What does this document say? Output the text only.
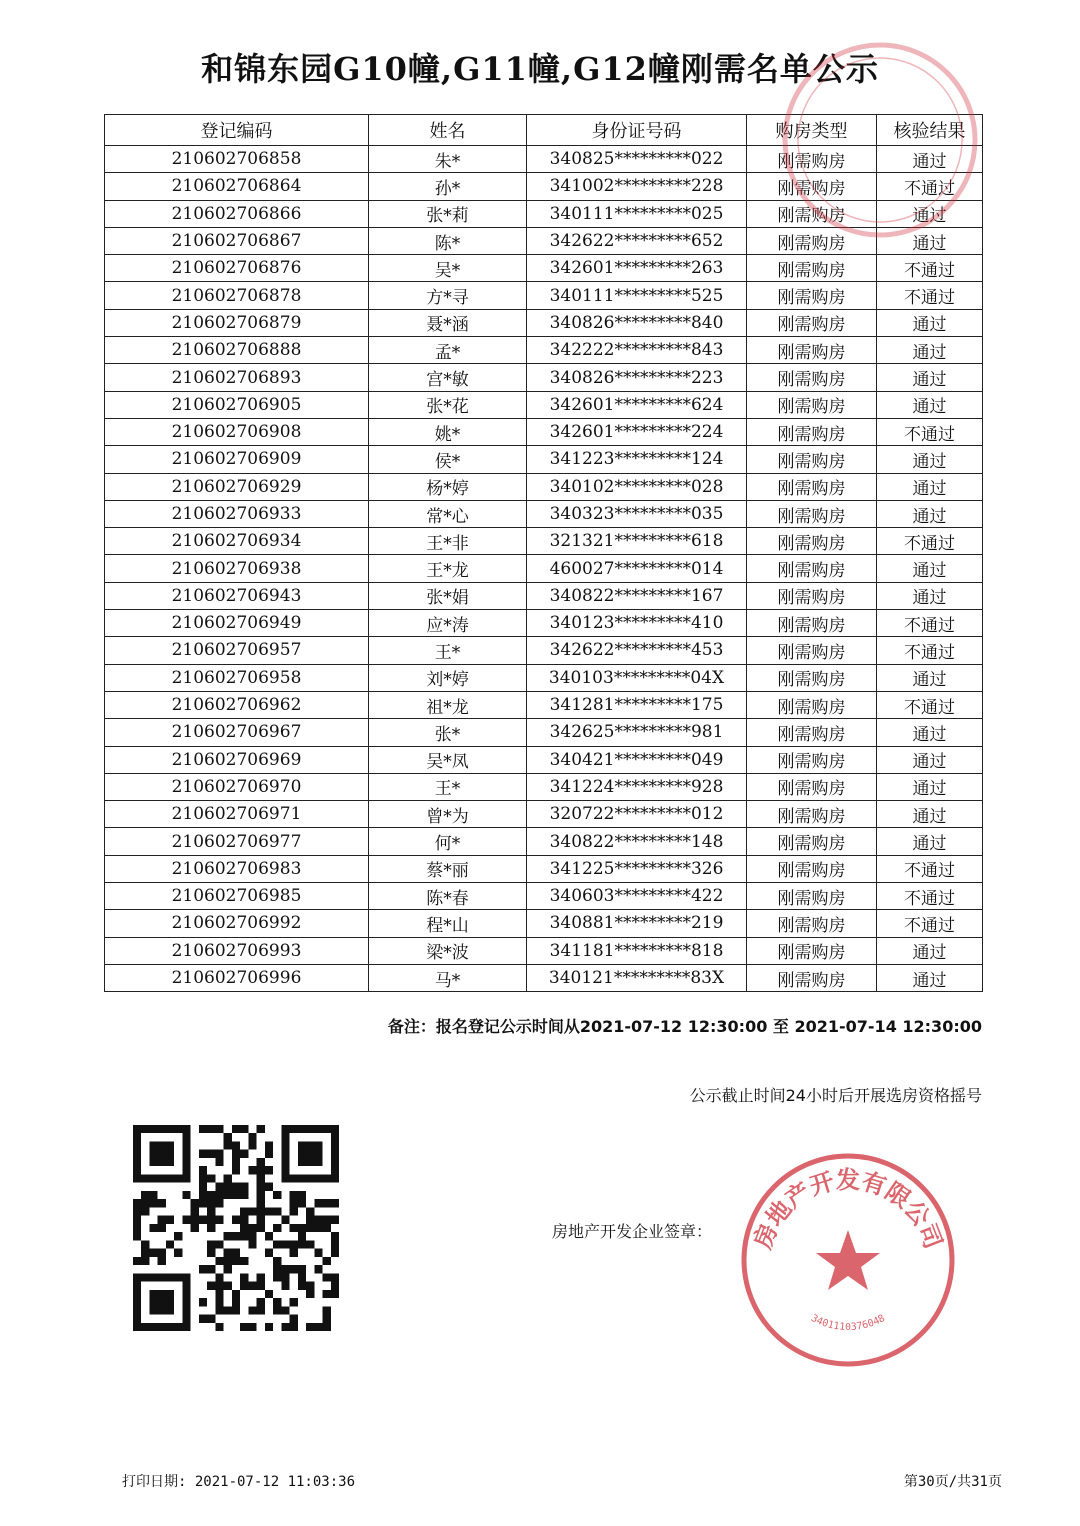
和锦东园G10幢,G11幢,G12幢刚需名单公示
登记编码	姓名	身份证号码	购房类型	核验结果
210602706858	朱*	340825*********022	刚需购房	通过
210602706864	孙*	341002*********228	刚需购房	不通过
210602706866	张*莉	340111*********025	刚需购房	通过
210602706867	陈*	342622*********652	刚需购房	通过
210602706876	吴*	342601*********263	刚需购房	不通过
210602706878	方*寻	340111*********525	刚需购房	不通过
210602706879	聂*涵	340826*********840	刚需购房	通过
210602706888	孟*	342222*********843	刚需购房	通过
210602706893	宫*敏	340826*********223	刚需购房	通过
210602706905	张*花	342601*********624	刚需购房	通过
210602706908	姚*	342601*********224	刚需购房	不通过
210602706909	侯*	341223*********124	刚需购房	通过
210602706929	杨*婷	340102*********028	刚需购房	通过
210602706933	常*心	340323*********035	刚需购房	通过
210602706934	王*非	321321*********618	刚需购房	不通过
210602706938	王*龙	460027*********014	刚需购房	通过
210602706943	张*娟	340822*********167	刚需购房	通过
210602706949	应*涛	340123*********410	刚需购房	不通过
210602706957	王*	342622*********453	刚需购房	不通过
210602706958	刘*婷	340103*********04X	刚需购房	通过
210602706962	祖*龙	341281*********175	刚需购房	不通过
210602706967	张*	342625*********981	刚需购房	通过
210602706969	吴*凤	340421*********049	刚需购房	通过
210602706970	王*	341224*********928	刚需购房	通过
210602706971	曾*为	320722*********012	刚需购房	通过
210602706977	何*	340822*********148	刚需购房	通过
210602706983	蔡*丽	341225*********326	刚需购房	不通过
210602706985	陈*春	340603*********422	刚需购房	不通过
210602706992	程*山	340881*********219	刚需购房	不通过
210602706993	梁*波	341181*********818	刚需购房	通过
210602706996	马*	340121*********83X	刚需购房	通过
备注：报名登记公示时间从2021-07-12 12:30:00 至 2021-07-14 12:30:00
公示截止时间24小时后开展选房资格摇号
房地产开发企业签章： 房地产开发有限公司
3401110376048
打印日期: 2021-07-12 11:03:36	第30页/共31页
